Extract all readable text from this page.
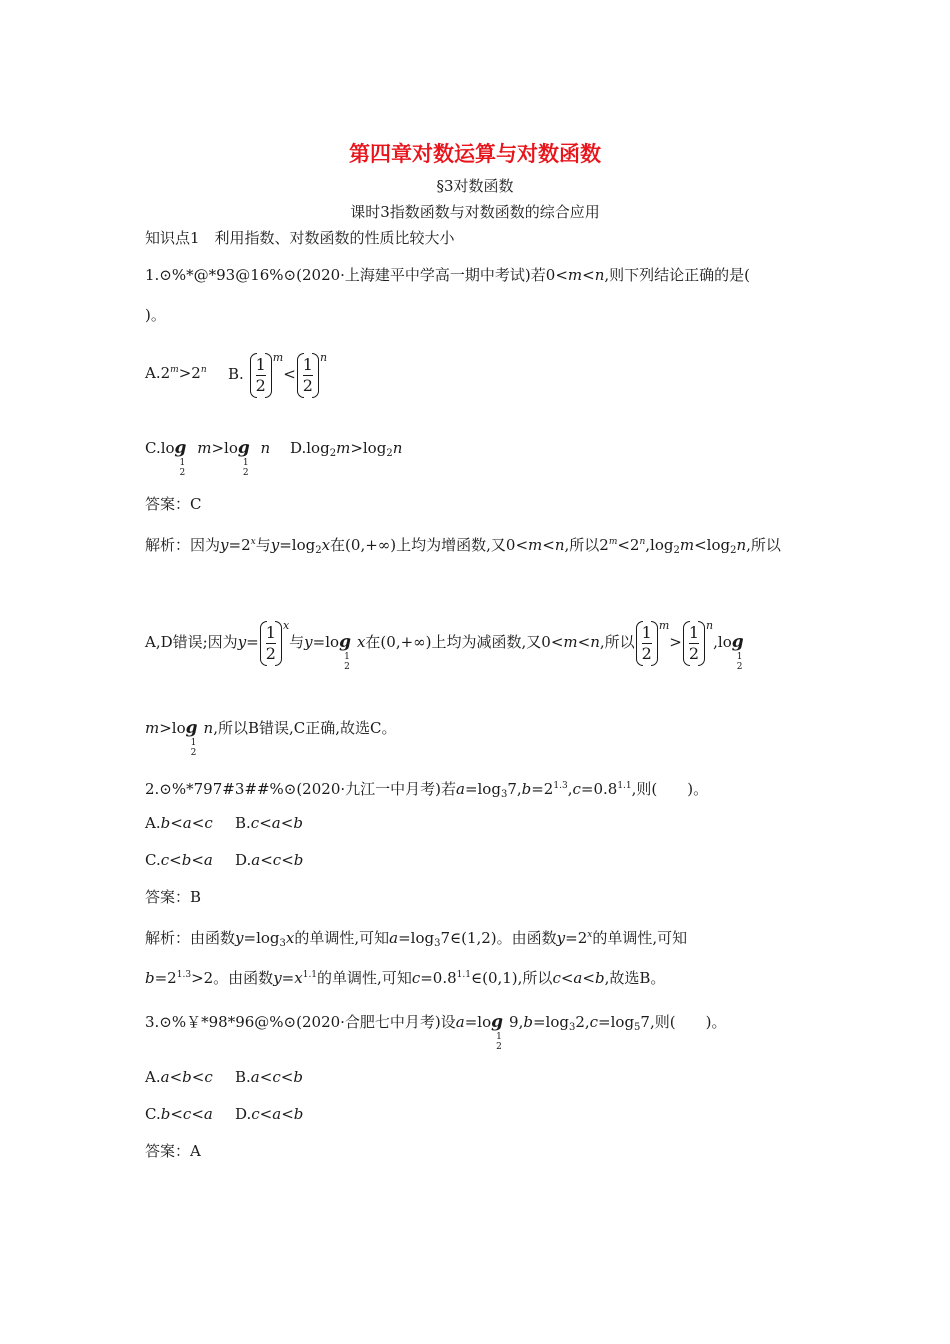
第四章对数运算与对数函数
§3对数函数
课时3指数函数与对数函数的综合应用
知识点1　利用指数、对数函数的性质比较大小
1.⊙%*@*93@16%⊙(2020·上海建平中学高一期中考试)若0<m<n,则下列结论正确的是(
)。
$A.2^m>2^n$ B. $\frac{1}{2} ^m< \frac{1}{2} ^n$
C.log
1
2
m>log
1
2
n $D.\log_2m>\log_2n$
答案：C
解析：因为$y=2^x$与$y=\log_2x$在(0,+∞)上均为增函数,又0<m<n,所以$2^m<2^n,\log_2m<\log_2n$,所以
A,D错误;因为$y= \frac{1}{2} ^x$与y=log
1
2
x在(0,+∞)上均为减函数,又0<m<n,所以 $\frac{1}{2} ^m> \frac{1}{2} ^n,\log$
1
2
m>log
1
2
n,所以B错误,C正确,故选C。
2.⊙%*797#3##%⊙(2020·九江一中月考)若$a=\log_37,b=2^{1.3},c=0.8^{1.1}$,则(　　)。
A.b<a<c B.c<a<b
C.c<b<a D.a<c<b
答案：B
解析：由函数$y=\log_3x$的单调性,可知$a=\log_37\in(1,2)$。由函数$y=2^x$的单调性,可知
$b=2^{1.3}>2$。由函数$y=x^{1.1}$的单调性,可知$c=0.8^{1.1}\in(0,1)$,所以c<a<b,故选B。
3.⊙%￥*98*96@%⊙(2020·合肥七中月考)设a=log
1
2
$9,b=\log_32,c=\log_57$,则(　　)。
A.a<b<c B.a<c<b
C.b<c<a D.c<a<b
答案：A
